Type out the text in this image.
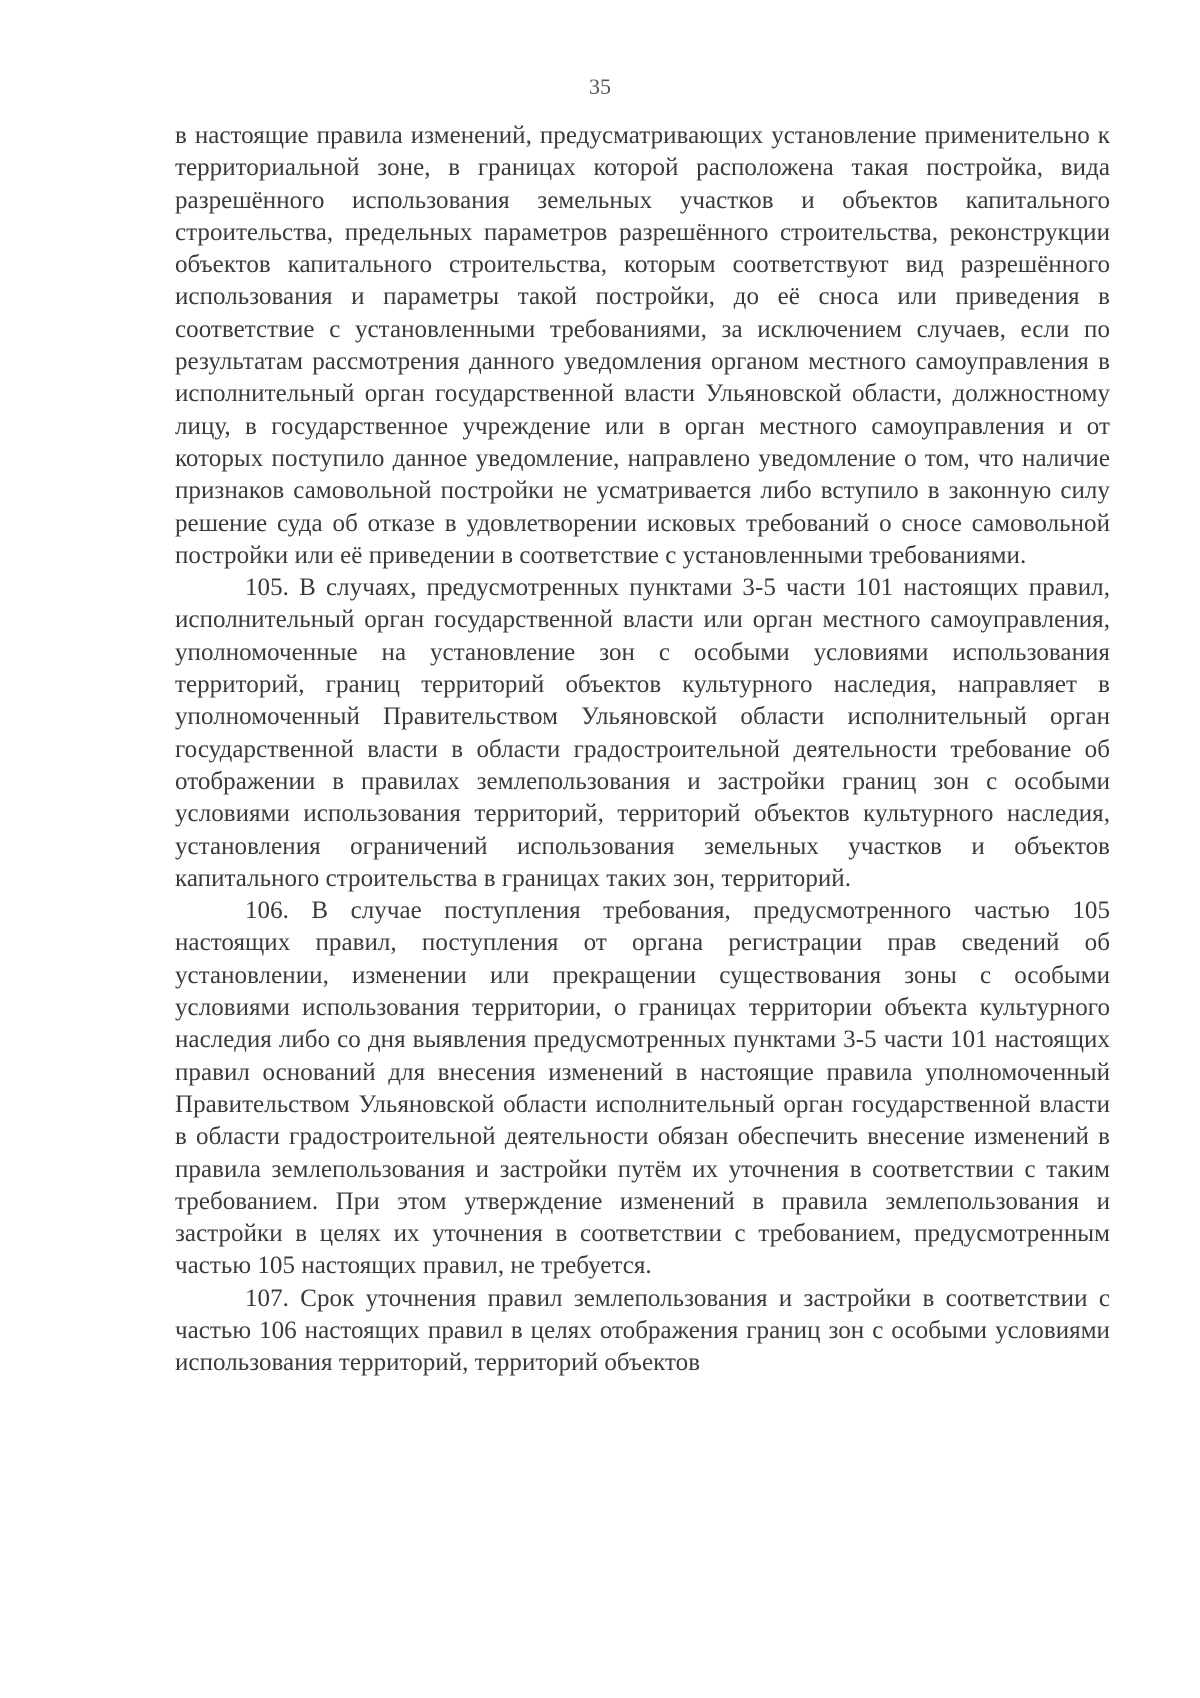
35

в настоящие правила изменений, предусматривающих установление применительно к территориальной зоне, в границах которой расположена такая постройка, вида разрешённого использования земельных участков и объектов капитального строительства, предельных параметров разрешённого строительства, реконструкции объектов капитального строительства, которым соответствуют вид разрешённого использования и параметры такой постройки, до её сноса или приведения в соответствие с установленными требованиями, за исключением случаев, если по результатам рассмотрения данного уведомления органом местного самоуправления в исполнительный орган государственной власти Ульяновской области, должностному лицу, в государственное учреждение или в орган местного самоуправления и от которых поступило данное уведомление, направлено уведомление о том, что наличие признаков самовольной постройки не усматривается либо вступило в законную силу решение суда об отказе в удовлетворении исковых требований о сносе самовольной постройки или её приведении в соответствие с установленными требованиями.

105. В случаях, предусмотренных пунктами 3-5 части 101 настоящих правил, исполнительный орган государственной власти или орган местного самоуправления, уполномоченные на установление зон с особыми условиями использования территорий, границ территорий объектов культурного наследия, направляет в уполномоченный Правительством Ульяновской области исполнительный орган государственной власти в области градостроительной деятельности требование об отображении в правилах землепользования и застройки границ зон с особыми условиями использования территорий, территорий объектов культурного наследия, установления ограничений использования земельных участков и объектов капитального строительства в границах таких зон, территорий.

106. В случае поступления требования, предусмотренного частью 105 настоящих правил, поступления от органа регистрации прав сведений об установлении, изменении или прекращении существования зоны с особыми условиями использования территории, о границах территории объекта культурного наследия либо со дня выявления предусмотренных пунктами 3-5 части 101 настоящих правил оснований для внесения изменений в настоящие правила уполномоченный Правительством Ульяновской области исполнительный орган государственной власти в области градостроительной деятельности обязан обеспечить внесение изменений в правила землепользования и застройки путём их уточнения в соответствии с таким требованием. При этом утверждение изменений в правила землепользования и застройки в целях их уточнения в соответствии с требованием, предусмотренным частью 105 настоящих правил, не требуется.

107. Срок уточнения правил землепользования и застройки в соответствии с частью 106 настоящих правил в целях отображения границ зон с особыми условиями использования территорий, территорий объектов
